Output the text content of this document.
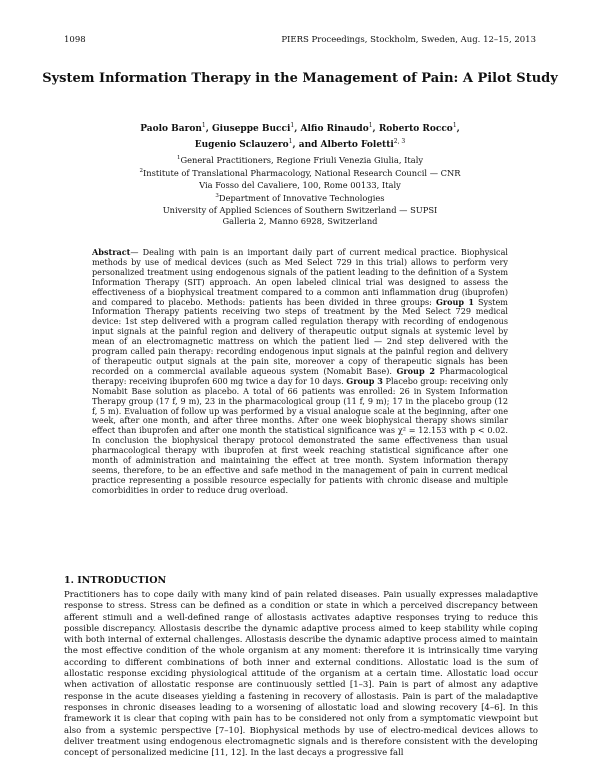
1098	PIERS Proceedings, Stockholm, Sweden, Aug. 12–15, 2013
System Information Therapy in the Management of Pain: A Pilot Study
Paolo Baron$^1$, Giuseppe Bucci$^1$, Alfio Rinaudo$^1$, Roberto Rocco$^1$,
Eugenio Sclauzero$^1$, and Alberto Foletti$^{2, 3}$
$^1$General Practitioners, Regione Friuli Venezia Giulia, Italy
$^2$Institute of Translational Pharmacology, National Research Council — CNR
Via Fosso del Cavaliere, 100, Rome 00133, Italy
$^3$Department of Innovative Technologies
University of Applied Sciences of Southern Switzerland — SUPSI
Galleria 2, Manno 6928, Switzerland
Abstract— Dealing with pain is an important daily part of current medical practice. Biophysical methods by use of medical devices (such as Med Select 729 in this trial) allows to perform very personalized treatment using endogenous signals of the patient leading to the definition of a System Information Therapy (SIT) approach. An open labeled clinical trial was designed to assess the effectiveness of a biophysical treatment compared to a common anti inflammation drug (ibuprofen) and compared to placebo. Methods: patients has been divided in three groups: Group 1 System Information Therapy patients receiving two steps of treatment by the Med Select 729 medical device: 1st step delivered with a program called regulation therapy with recording of endogenous input signals at the painful region and delivery of therapeutic output signals at systemic level by mean of an electromagnetic mattress on which the patient lied — 2nd step delivered with the program called pain therapy: recording endogenous input signals at the painful region and delivery of therapeutic output signals at the pain site, moreover a copy of therapeutic signals has been recorded on a commercial available aqueous system (Nomabit Base). Group 2 Pharmacological therapy: receiving ibuprofen 600 mg twice a day for 10 days. Group 3 Placebo group: receiving only Nomabit Base solution as placebo. A total of 66 patients was enrolled: 26 in System Information Therapy group (17 f, 9 m), 23 in the pharmacological group (11 f, 9 m); 17 in the placebo group (12 f, 5 m). Evaluation of follow up was performed by a visual analogue scale at the beginning, after one week, after one month, and after three months. After one week biophysical therapy shows similar effect than ibuprofen and after one month the statistical significance was χ² = 12.153 with p < 0.02. In conclusion the biophysical therapy protocol demonstrated the same effectiveness than usual pharmacological therapy with ibuprofen at first week reaching statistical significance after one month of administration and maintaining the effect at tree month. System information therapy seems, therefore, to be an effective and safe method in the management of pain in current medical practice representing a possible resource especially for patients with chronic disease and multiple comorbidities in order to reduce drug overload.
1. INTRODUCTION
Practitioners has to cope daily with many kind of pain related diseases. Pain usually expresses maladaptive response to stress. Stress can be defined as a condition or state in which a perceived discrepancy between afferent stimuli and a well-defined range of allostasis activates adaptive responses trying to reduce this possible discrepancy. Allostasis describe the dynamic adaptive process aimed to keep stability while coping with both internal of external challenges. Allostasis describe the dynamic adaptive process aimed to maintain the most effective condition of the whole organism at any moment: therefore it is intrinsically time varying according to different combinations of both inner and external conditions. Allostatic load is the sum of allostatic response exciding physiological attitude of the organism at a certain time. Allostatic load occur when activation of allostatic response are continuously settled [1–3]. Pain is part of almost any adaptive response in the acute diseases yielding a fastening in recovery of allostasis. Pain is part of the maladaptive responses in chronic diseases leading to a worsening of allostatic load and slowing recovery [4–6]. In this framework it is clear that coping with pain has to be considered not only from a symptomatic viewpoint but also from a systemic perspective [7–10]. Biophysical methods by use of electro-medical devices allows to deliver treatment using endogenous electromagnetic signals and is therefore consistent with the developing concept of personalized medicine [11, 12]. In the last decays a progressive fall
